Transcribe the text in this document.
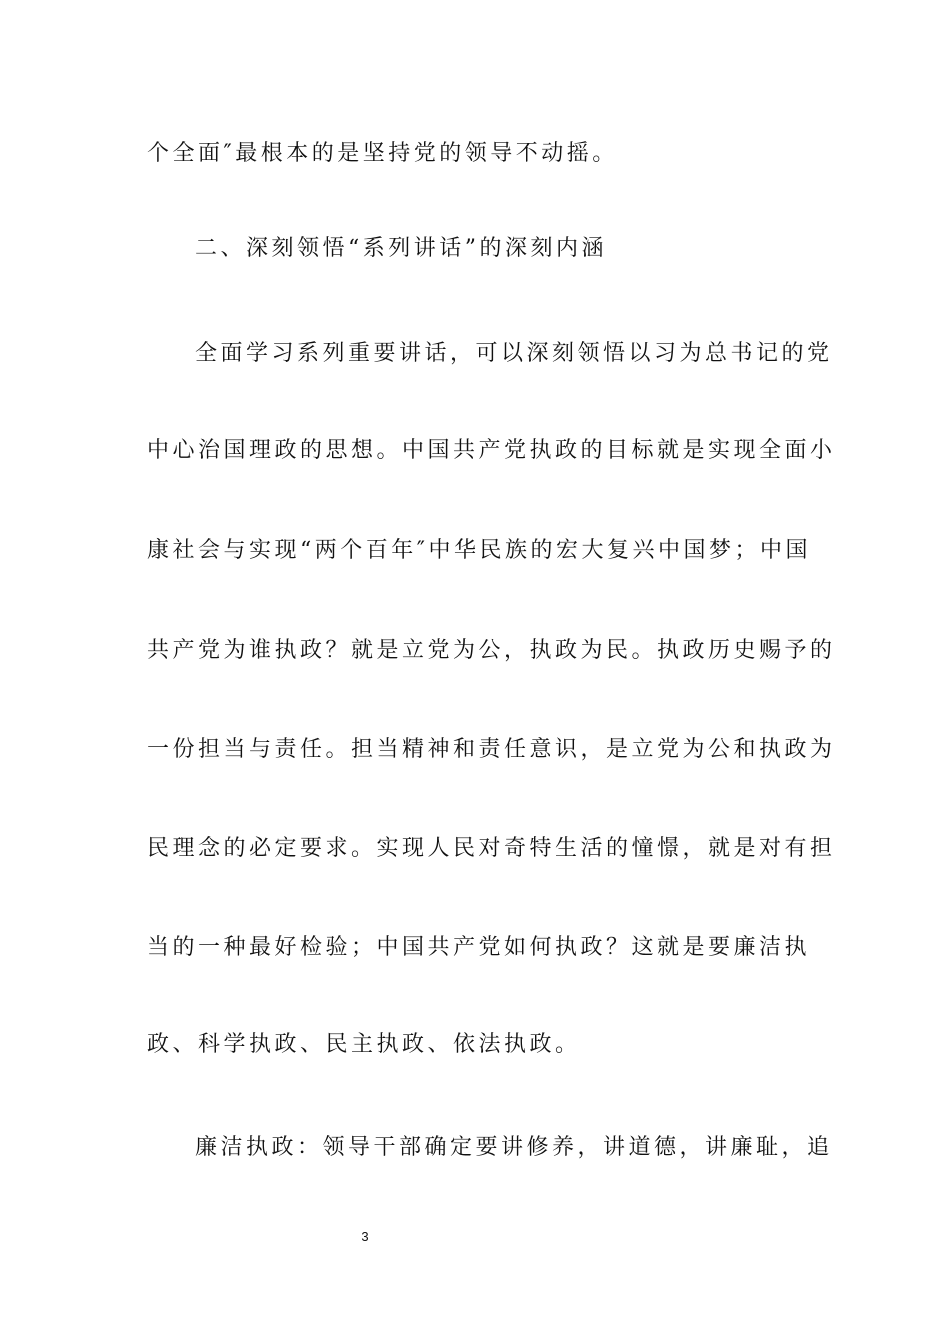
个全面″最根本的是坚持党的领导不动摇。
二、深刻领悟“系列讲话”的深刻内涵
全面学习系列重要讲话，可以深刻领悟以习为总书记的党
中心治国理政的思想。中国共产党执政的目标就是实现全面小
康社会与实现“两个百年″中华民族的宏大复兴中国梦；中国
共产党为谁执政？就是立党为公，执政为民。执政历史赐予的
一份担当与责任。担当精神和责任意识，是立党为公和执政为
民理念的必定要求。实现人民对奇特生活的憧憬，就是对有担
当的一种最好检验；中国共产党如何执政？这就是要廉洁执
政、科学执政、民主执政、依法执政。
廉洁执政：领导干部确定要讲修养，讲道德，讲廉耻，追
3
